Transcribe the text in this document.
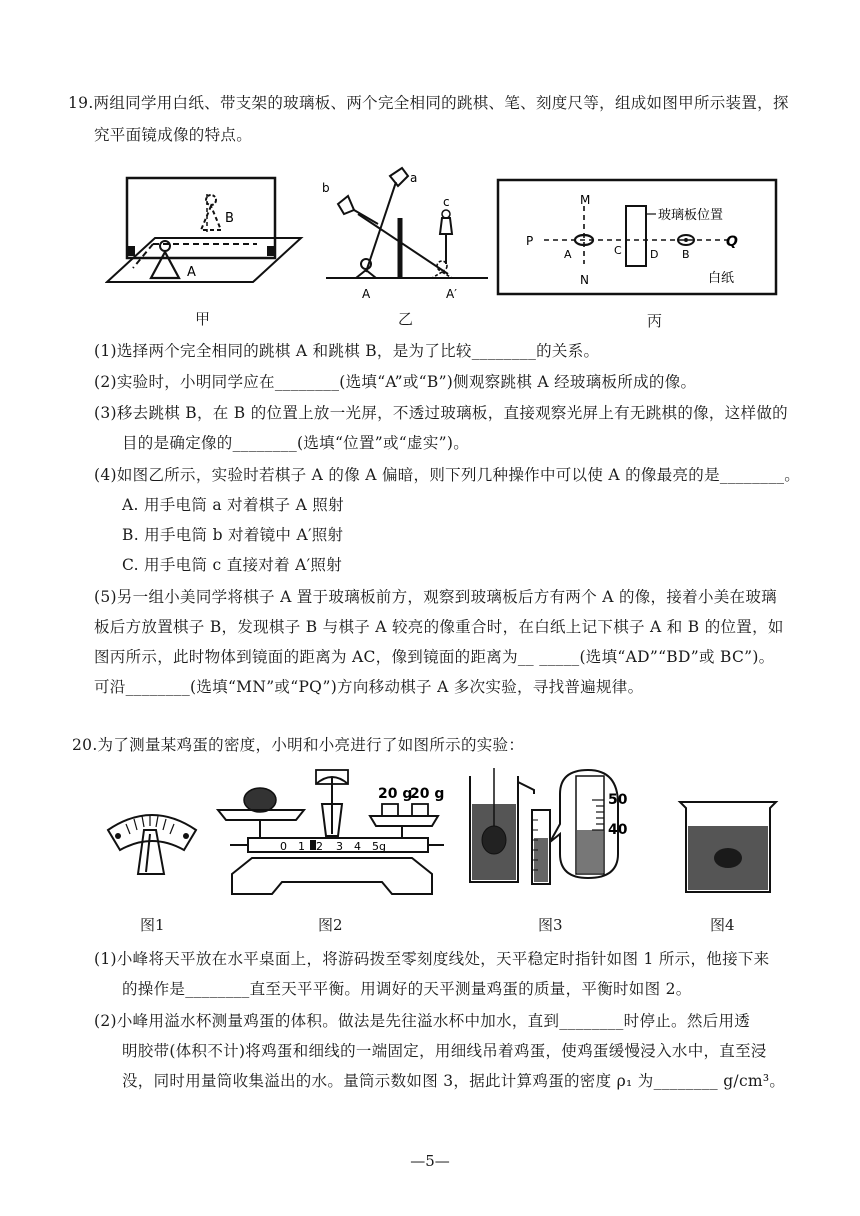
19.两组同学用白纸、带支架的玻璃板、两个完全相同的跳棋、笔、刻度尺等，组成如图甲所示装置，探
究平面镜成像的特点。
B
A
甲
a
b
c
A	A′
乙
M
N
P
A	C	D
玻璃板位置
B
Q
白纸
丙
(1)选择两个完全相同的跳棋 A 和跳棋 B，是为了比较________的关系。
(2)实验时，小明同学应在________(选填“A”或“B”)侧观察跳棋 A 经玻璃板所成的像。
(3)移去跳棋 B，在 B 的位置上放一光屏，不透过玻璃板，直接观察光屏上有无跳棋的像，这样做的
目的是确定像的________(选填“位置”或“虚实”)。
(4)如图乙所示，实验时若棋子 A 的像 A 偏暗，则下列几种操作中可以使 A 的像最亮的是________。
A. 用手电筒 a 对着棋子 A 照射
B. 用手电筒 b 对着镜中 A′照射
C. 用手电筒 c 直接对着 A′照射
(5)另一组小美同学将棋子 A 置于玻璃板前方，观察到玻璃板后方有两个 A 的像，接着小美在玻璃
板后方放置棋子 B，发现棋子 B 与棋子 A 较亮的像重合时，在白纸上记下棋子 A 和 B 的位置，如
图丙所示，此时物体到镜面的距离为 AC，像到镜面的距离为__ _____(选填“AD”“BD”或 BC”)。
可沿________(选填“MN”或“PQ”)方向移动棋子 A 多次实验，寻找普遍规律。
20.为了测量某鸡蛋的密度，小明和小亮进行了如图所示的实验：
图1
20 g
20 g
0 1 2 3 4 5g
图2
50
40
图3	图4
(1)小峰将天平放在水平桌面上，将游码拨至零刻度线处，天平稳定时指针如图 1 所示，他接下来
的操作是________直至天平平衡。用调好的天平测量鸡蛋的质量，平衡时如图 2。
(2)小峰用溢水杯测量鸡蛋的体积。做法是先往溢水杯中加水，直到________时停止。然后用透
明胶带(体积不计)将鸡蛋和细线的一端固定，用细线吊着鸡蛋，使鸡蛋缓慢浸入水中，直至浸
没，同时用量筒收集溢出的水。量筒示数如图 3，据此计算鸡蛋的密度 ρ₁ 为________ g/cm³。
—5—
